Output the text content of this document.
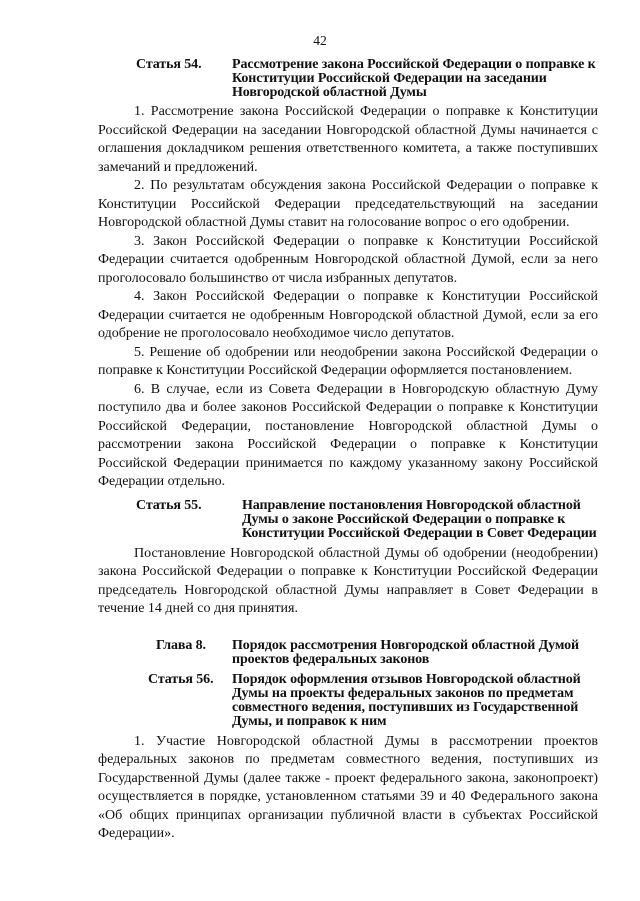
42
Статья 54.	Рассмотрение закона Российской Федерации о поправке к Конституции Российской Федерации на заседании Новгородской областной Думы

1. Рассмотрение закона Российской Федерации о поправке к Конституции Российской Федерации на заседании Новгородской областной Думы начинается с оглашения докладчиком решения ответственного комитета, а также поступивших замечаний и предложений.

2. По результатам обсуждения закона Российской Федерации о поправке к Конституции Российской Федерации председательствующий на заседании Новгородской областной Думы ставит на голосование вопрос о его одобрении.

3. Закон Российской Федерации о поправке к Конституции Российской Федерации считается одобренным Новгородской областной Думой, если за него проголосовало большинство от числа избранных депутатов.

4. Закон Российской Федерации о поправке к Конституции Российской Федерации считается не одобренным Новгородской областной Думой, если за его одобрение не проголосовало необходимое число депутатов.

5. Решение об одобрении или неодобрении закона Российской Федерации о поправке к Конституции Российской Федерации оформляется постановлением.

6. В случае, если из Совета Федерации в Новгородскую областную Думу поступило два и более законов Российской Федерации о поправке к Конституции Российской Федерации, постановление Новгородской областной Думы о рассмотрении закона Российской Федерации о поправке к Конституции Российской Федерации принимается по каждому указанному закону Российской Федерации отдельно.

Статья 55.	Направление постановления Новгородской областной Думы о законе Российской Федерации о поправке к Конституции Российской Федерации в Совет Федерации

Постановление Новгородской областной Думы об одобрении (неодобрении) закона Российской Федерации о поправке к Конституции Российской Федерации председатель Новгородской областной Думы направляет в Совет Федерации в течение 14 дней со дня принятия.

Глава 8.	Порядок рассмотрения Новгородской областной Думой проектов федеральных законов
Статья 56.	Порядок оформления отзывов Новгородской областной Думы на проекты федеральных законов по предметам совместного ведения, поступивших из Государственной Думы, и поправок к ним

1. Участие Новгородской областной Думы в рассмотрении проектов федеральных законов по предметам совместного ведения, поступивших из Государственной Думы (далее также - проект федерального закона, законопроект) осуществляется в порядке, установленном статьями 39 и 40 Федерального закона «Об общих принципах организации публичной власти в субъектах Российской Федерации».
